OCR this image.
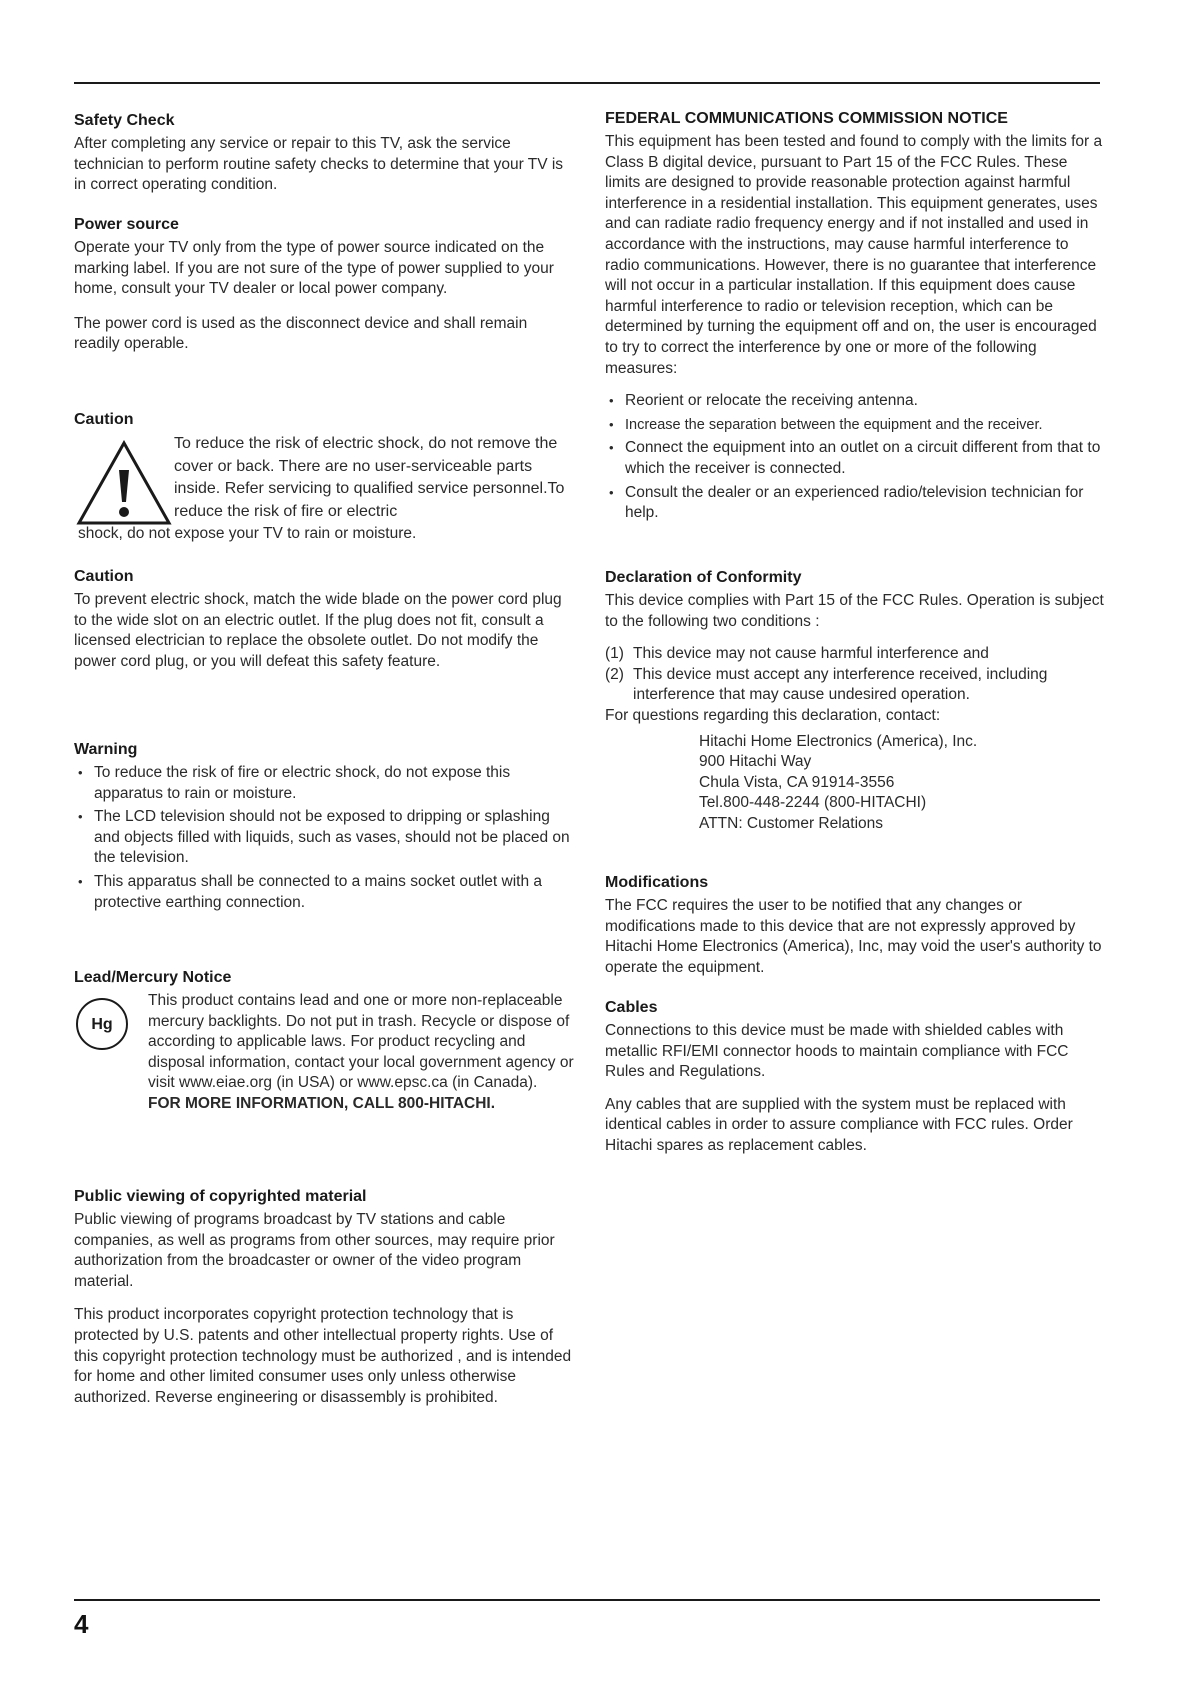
Safety Check

After completing any service or repair to this TV, ask the service technician to perform routine safety checks to determine that your TV is in correct operating condition.

Power source

Operate your TV only from the type of power source indicated on the marking label. If you are not sure of the type of power supplied to your home, consult your TV dealer or local power company.

The power cord is used as the disconnect device and shall remain readily operable.

Caution

To reduce the risk of electric shock, do not remove the cover or back. There are no user-serviceable parts inside. Refer servicing to qualified service personnel.To reduce the risk of fire or electric

shock, do not expose your TV to rain or moisture.

Caution

To prevent electric shock, match the wide blade on the power cord plug to the wide slot on an electric outlet. If the plug does not fit, consult a licensed electrician to replace the obsolete outlet. Do not modify the power cord plug, or you will defeat this safety feature.

Warning
• To reduce the risk of fire or electric shock, do not expose this apparatus to rain or moisture.
• The LCD television should not be exposed to dripping or splashing and objects filled with liquids, such as vases, should not be placed on the television.
• This apparatus shall be connected to a mains socket outlet with a protective earthing connection.
Lead/Mercury Notice
Hg

This product contains lead and one or more non-replaceable mercury backlights. Do not put in trash. Recycle or dispose of according to applicable laws. For product recycling and disposal information, contact your local government agency or visit www.eiae.org (in USA) or www.epsc.ca (in Canada).

FOR MORE INFORMATION, CALL 800-HITACHI.

Public viewing of copyrighted material

Public viewing of programs broadcast by TV stations and cable companies, as well as programs from other sources, may require prior authorization from the broadcaster or owner of the video program material.

This product incorporates copyright protection technology that is protected by U.S. patents and other intellectual property rights. Use of this copyright protection technology must be authorized , and is intended for home and other limited consumer uses only unless otherwise authorized. Reverse engineering or disassembly is prohibited.

FEDERAL COMMUNICATIONS COMMISSION NOTICE

This equipment has been tested and found to comply with the limits for a Class B digital device, pursuant to Part 15 of the FCC Rules. These limits are designed to provide reasonable protection against harmful interference in a residential installation. This equipment generates, uses and can radiate radio frequency energy and if not installed and used in accordance with the instructions, may cause harmful interference to radio communications. However, there is no guarantee that interference will not occur in a particular installation. If this equipment does cause harmful interference to radio or television reception, which can be determined by turning the equipment off and on, the user is encouraged to try to correct the interference by one or more of the following measures:

• Reorient or relocate the receiving antenna.
• Increase the separation between the equipment and the receiver.
• Connect the equipment into an outlet on a circuit different from that to which the receiver is connected.
• Consult the dealer or an experienced radio/television technician for help.
Declaration of Conformity

This device complies with Part 15 of the FCC Rules. Operation is subject to the following two conditions :

(1) This device may not cause harmful interference and
(2) This device must accept any interference received, including interference that may cause undesired operation.

For questions regarding this declaration, contact:

Hitachi Home Electronics (America), Inc.
900 Hitachi Way
Chula Vista, CA 91914-3556
Tel.800-448-2244 (800-HITACHI)
ATTN: Customer Relations
Modifications

The FCC requires the user to be notified that any changes or modifications made to this device that are not expressly approved by Hitachi Home Electronics (America), Inc, may void the user's authority to operate the equipment.

Cables

Connections to this device must be made with shielded cables with metallic RFI/EMI connector hoods to maintain compliance with FCC Rules and Regulations.

Any cables that are supplied with the system must be replaced with identical cables in order to assure compliance with FCC rules. Order Hitachi spares as replacement cables.

4
